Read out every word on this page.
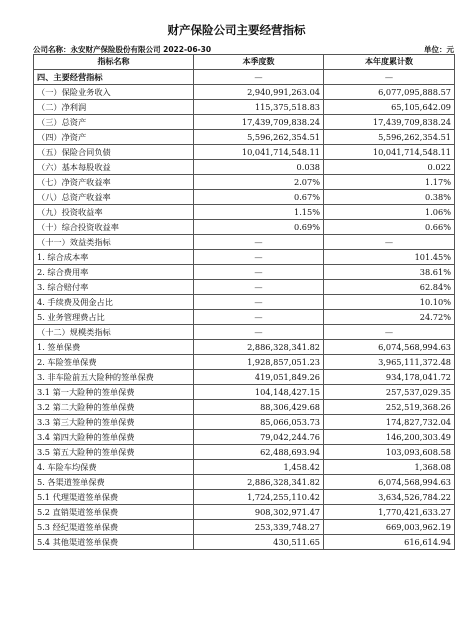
财产保险公司主要经营指标
公司名称：永安财产保险股份有限公司 2022-06-30	单位：元
指标名称	本季度数	本年度累计数
四、主要经营指标	—	—
（一）保险业务收入	2,940,991,263.04	6,077,095,888.57
（二）净利润	115,375,518.83	65,105,642.09
（三）总资产	17,439,709,838.24	17,439,709,838.24
（四）净资产	5,596,262,354.51	5,596,262,354.51
（五）保险合同负债	10,041,714,548.11	10,041,714,548.11
（六）基本每股收益	0.038	0.022
（七）净资产收益率	2.07%	1.17%
（八）总资产收益率	0.67%	0.38%
（九）投资收益率	1.15%	1.06%
（十）综合投资收益率	0.69%	0.66%
（十一）效益类指标	—	—
1. 综合成本率	—	101.45%
2. 综合费用率	—	38.61%
3. 综合赔付率	—	62.84%
4. 手续费及佣金占比	—	10.10%
5. 业务管理费占比	—	24.72%
（十二）规模类指标	—	—
1. 签单保费	2,886,328,341.82	6,074,568,994.63
2. 车险签单保费	1,928,857,051.23	3,965,111,372.48
3. 非车险前五大险种的签单保费	419,051,849.26	934,178,041.72
3.1 第一大险种的签单保费	104,148,427.15	257,537,029.35
3.2 第二大险种的签单保费	88,306,429.68	252,519,368.26
3.3 第三大险种的签单保费	85,066,053.73	174,827,732.04
3.4 第四大险种的签单保费	79,042,244.76	146,200,303.49
3.5 第五大险种的签单保费	62,488,693.94	103,093,608.58
4. 车险车均保费	1,458.42	1,368.08
5. 各渠道签单保费	2,886,328,341.82	6,074,568,994.63
5.1 代理渠道签单保费	1,724,255,110.42	3,634,526,784.22
5.2 直销渠道签单保费	908,302,971.47	1,770,421,633.27
5.3 经纪渠道签单保费	253,339,748.27	669,003,962.19
5.4 其他渠道签单保费	430,511.65	616,614.94
